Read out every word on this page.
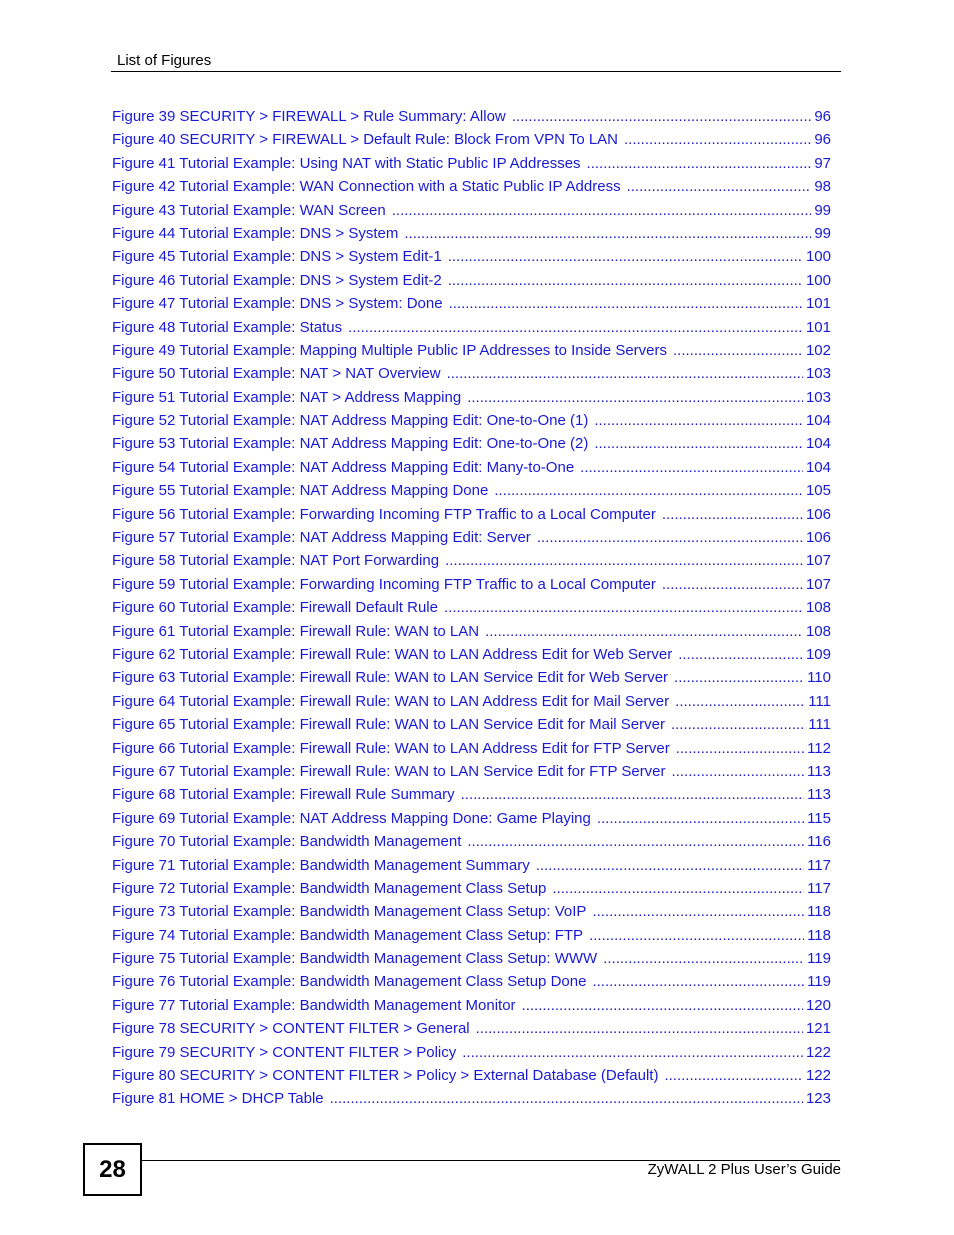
List of Figures
Figure 39 SECURITY > FIREWALL > Rule Summary: Allow .....	96
Figure 40 SECURITY > FIREWALL > Default Rule: Block From VPN To LAN .....	96
Figure 41 Tutorial Example: Using NAT with Static Public IP Addresses .....	97
Figure 42 Tutorial Example: WAN Connection with a Static Public IP Address .....	98
Figure 43 Tutorial Example: WAN Screen .....	99
Figure 44 Tutorial Example: DNS > System .....	99
Figure 45 Tutorial Example: DNS > System Edit-1 .....	100
Figure 46 Tutorial Example: DNS > System Edit-2 .....	100
Figure 47 Tutorial Example: DNS > System: Done .....	101
Figure 48 Tutorial Example: Status .....	101
Figure 49 Tutorial Example: Mapping Multiple Public IP Addresses to Inside Servers .....	102
Figure 50 Tutorial Example: NAT > NAT Overview .....	103
Figure 51 Tutorial Example: NAT > Address Mapping .....	103
Figure 52 Tutorial Example: NAT Address Mapping Edit: One-to-One (1) .....	104
Figure 53 Tutorial Example: NAT Address Mapping Edit: One-to-One (2) .....	104
Figure 54 Tutorial Example: NAT Address Mapping Edit: Many-to-One .....	104
Figure 55 Tutorial Example: NAT Address Mapping Done .....	105
Figure 56 Tutorial Example: Forwarding Incoming FTP Traffic to a Local Computer .....	106
Figure 57 Tutorial Example: NAT Address Mapping Edit: Server .....	106
Figure 58 Tutorial Example: NAT Port Forwarding .....	107
Figure 59 Tutorial Example: Forwarding Incoming FTP Traffic to a Local Computer .....	107
Figure 60 Tutorial Example: Firewall Default Rule .....	108
Figure 61 Tutorial Example: Firewall Rule: WAN to LAN .....	108
Figure 62 Tutorial Example: Firewall Rule: WAN to LAN Address Edit for Web Server .....	109
Figure 63 Tutorial Example: Firewall Rule: WAN to LAN Service Edit for Web Server .....	110
Figure 64 Tutorial Example: Firewall Rule: WAN to LAN Address Edit for Mail Server .....	111
Figure 65 Tutorial Example: Firewall Rule: WAN to LAN Service Edit for Mail Server .....	111
Figure 66 Tutorial Example: Firewall Rule: WAN to LAN Address Edit for FTP Server .....	112
Figure 67 Tutorial Example: Firewall Rule: WAN to LAN Service Edit for FTP Server .....	113
Figure 68 Tutorial Example: Firewall Rule Summary .....	113
Figure 69 Tutorial Example: NAT Address Mapping Done: Game Playing .....	115
Figure 70 Tutorial Example: Bandwidth Management .....	116
Figure 71 Tutorial Example: Bandwidth Management Summary .....	117
Figure 72 Tutorial Example: Bandwidth Management Class Setup .....	117
Figure 73 Tutorial Example: Bandwidth Management Class Setup: VoIP .....	118
Figure 74 Tutorial Example: Bandwidth Management Class Setup: FTP .....	118
Figure 75 Tutorial Example: Bandwidth Management Class Setup: WWW .....	119
Figure 76 Tutorial Example: Bandwidth Management Class Setup Done .....	119
Figure 77 Tutorial Example: Bandwidth Management Monitor .....	120
Figure 78 SECURITY > CONTENT FILTER > General .....	121
Figure 79 SECURITY > CONTENT FILTER > Policy .....	122
Figure 80 SECURITY > CONTENT FILTER > Policy > External Database (Default) .....	122
Figure 81 HOME > DHCP Table .....	123
28	ZyWALL 2 Plus User’s Guide
